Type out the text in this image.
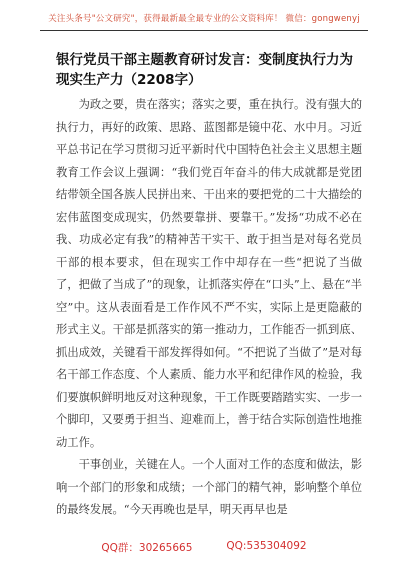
关注头条号"公文研究"，获得最新最全最专业的公文资料库！ 微信：gongwenyj
银行党员干部主题教育研讨发言：变制度执行力为现实生产力（2208字）

为政之要，贵在落实；落实之要，重在执行。没有强大的执行力，再好的政策、思路、蓝图都是镜中花、水中月。习近平总书记在学习贯彻习近平新时代中国特色社会主义思想主题教育工作会议上强调：“我们党百年奋斗的伟大成就都是党团结带领全国各族人民拼出来、干出来的要把党的二十大描绘的宏伟蓝图变成现实，仍然要靠拼、要靠干。”发扬“功成不必在我、功成必定有我”的精神苦干实干、敢于担当是对每名党员干部的根本要求，但在现实工作中却存在一些“把说了当做了，把做了当成了”的现象，让抓落实停在“口头”上、悬在“半空”中。这从表面看是工作作风不严不实，实际上是更隐蔽的形式主义。干部是抓落实的第一推动力，工作能否一抓到底、抓出成效，关键看干部发挥得如何。“不把说了当做了”是对每名干部工作态度、个人素质、能力水平和纪律作风的检验，我们要旗帜鲜明地反对这种现象，干工作既要踏踏实实、一步一个脚印，又要勇于担当、迎难而上，善于结合实际创造性地推动工作。

干事创业，关键在人。一个人面对工作的态度和做法，影响一个部门的形象和成绩；一个部门的精气神，影响整个单位的最终发展。“今天再晚也是早，明天再早也是

QQ群：30265665	QQ:535304092
